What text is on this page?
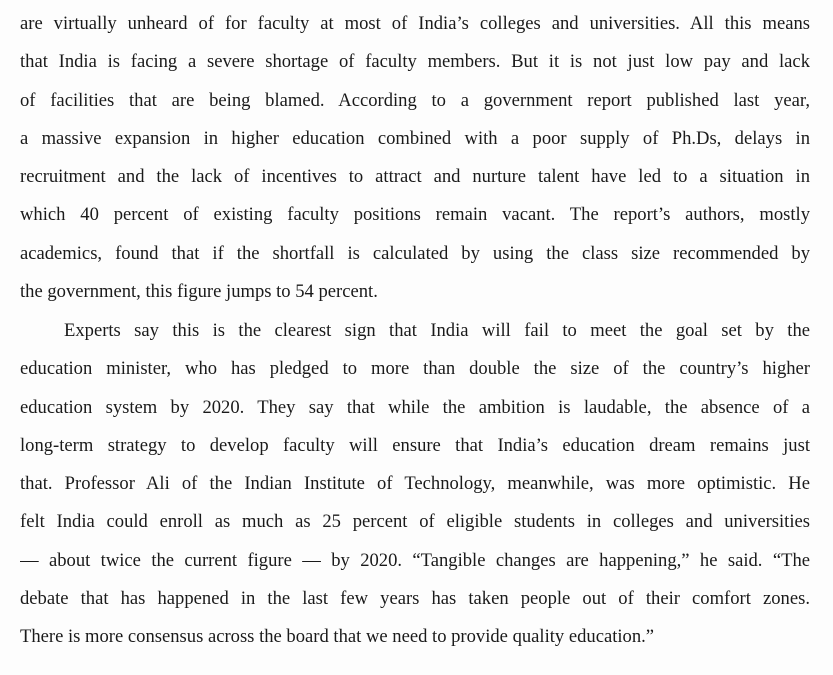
are virtually unheard of for faculty at most of India’s colleges and universities. All this means
that India is facing a severe shortage of faculty members. But it is not just low pay and lack
of facilities that are being blamed. According to a government report published last year,
a massive expansion in higher education combined with a poor supply of Ph.Ds, delays in
recruitment and the lack of incentives to attract and nurture talent have led to a situation in
which 40 percent of existing faculty positions remain vacant. The report’s authors, mostly
academics, found that if the shortfall is calculated by using the class size recommended by
the government, this figure jumps to 54 percent.
Experts say this is the clearest sign that India will fail to meet the goal set by the
education minister, who has pledged to more than double the size of the country’s higher
education system by 2020. They say that while the ambition is laudable, the absence of a
long-term strategy to develop faculty will ensure that India’s education dream remains just
that. Professor Ali of the Indian Institute of Technology, meanwhile, was more optimistic. He
felt India could enroll as much as 25 percent of eligible students in colleges and universities
— about twice the current figure — by 2020. “Tangible changes are happening,” he said. “The
debate that has happened in the last few years has taken people out of their comfort zones.
There is more consensus across the board that we need to provide quality education.”
